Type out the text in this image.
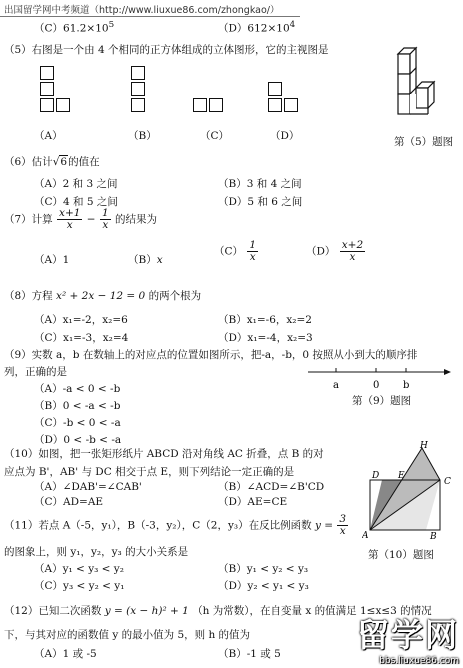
出国留学网中考频道（http://www.liuxue86.com/zhongkao/）
$(C)61.2\times 10^5$	$(D)612\times 10^4$
（5）右图是一个由 4 个相同的正方体组成的立体图形，它的主视图是
（A）	（B）	（C）	（D）	第（5）题图
（6）估计√6的值在
（A）2 和 3 之间	（B）3 和 4 之间
（C）4 和 5 之间	（D）5 和 6 之间
（7）计算 $\frac{x+1}{x} - \frac{1}{x}$ 的结果为
（A）1	（B）x
$(C) \frac{1}{x}$	$(D) \frac{x+2}{x}$
（8）方程 x² + 2x − 12 = 0 的两个根为
（A）x₁=-2，x₂=6	（B）x₁=-6，x₂=2
（C）x₁=-3，x₂=4	（D）x₁=-4，x₂=3
（9）实数 a，b 在数轴上的对应点的位置如图所示，把-a，-b，0 按照从小到大的顺序排
列，正确的是
（A）-a < 0 < -b
（B）0 < -a < -b
（C）-b < 0 < -a
（D）0 < -b < -a
a	0 b
第（9）题图
（10）如图，把一张矩形纸片 ABCD 沿对角线 AC 折叠，点 B 的对
应点为 B'，AB' 与 DC 相交于点 E，则下列结论一定正确的是
（A）∠DAB'=∠CAB'	（B）∠ACD=∠B'CD
（C）AD=AE	（D）AE=CE
H
D E
C
A	B
第（10）题图
（11）若点 A（-5，y₁），B（-3，y₂），C（2，y₃）在反比例函数 $y = \frac{3}{x}$
的图象上，则 y₁，y₂，y₃ 的大小关系是
（A）y₁ < y₃ < y₂	（B）y₁ < y₂ < y₃
（C）y₃ < y₂ < y₁	（D）y₂ < y₁ < y₃
（12）已知二次函数 y = (x − h)² + 1 （h 为常数），在自变量 x 的值满足 1≤x≤3 的情况
下，与其对应的函数值 y 的最小值为 5，则 h 的值为
（A）1 或 -5	（B）-1 或 5 留学网
bbs.liuxue86.com
